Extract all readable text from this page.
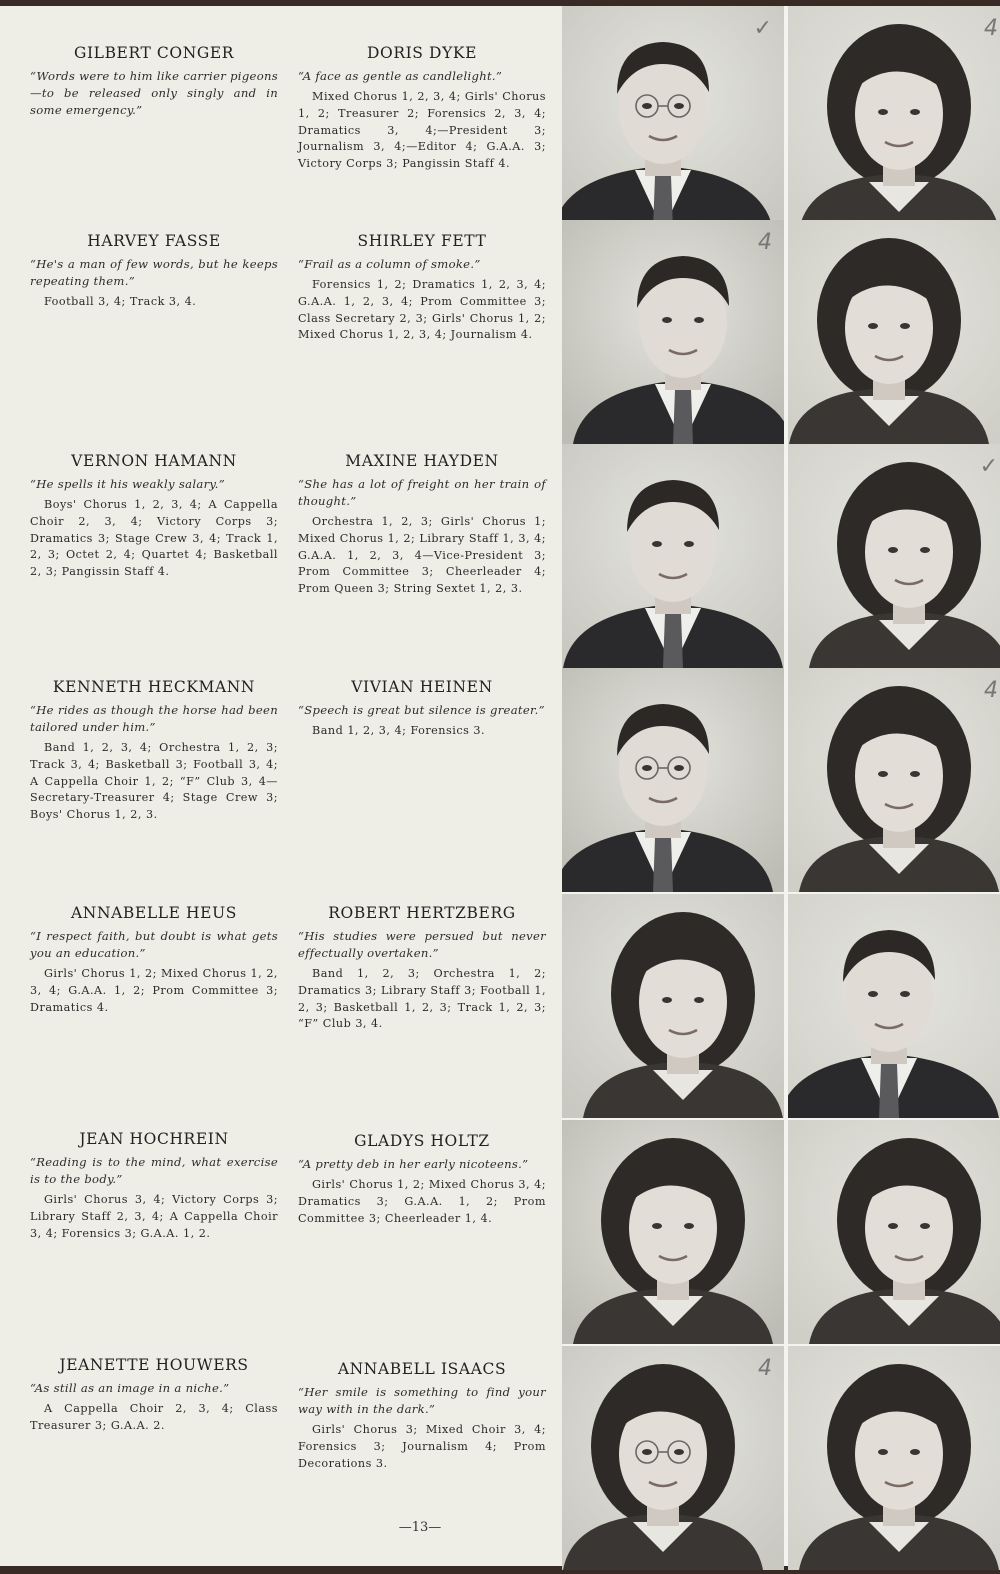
GILBERT CONGER

“Words were to him like carrier pigeons—to be released only singly and in some emergency.”

DORIS DYKE

“A face as gentle as candlelight.”

Mixed Chorus 1, 2, 3, 4; Girls' Chorus 1, 2; Treasurer 2; Forensics 2, 3, 4; Dramatics 3, 4;—President 3; Journalism 3, 4;—Editor 4; G.A.A. 3; Victory Corps 3; Pangissin Staff 4.

HARVEY FASSE

“He's a man of few words, but he keeps repeating them.”

Football 3, 4; Track 3, 4.

SHIRLEY FETT

“Frail as a column of smoke.”

Forensics 1, 2; Dramatics 1, 2, 3, 4; G.A.A. 1, 2, 3, 4; Prom Committee 3; Class Secretary 2, 3; Girls' Chorus 1, 2; Mixed Chorus 1, 2, 3, 4; Journalism 4.

VERNON HAMANN

“He spells it his weakly salary.”

Boys' Chorus 1, 2, 3, 4; A Cappella Choir 2, 3, 4; Victory Corps 3; Dramatics 3; Stage Crew 3, 4; Track 1, 2, 3; Octet 2, 4; Quartet 4; Basketball 2, 3; Pangissin Staff 4.

MAXINE HAYDEN

“She has a lot of freight on her train of thought.”

Orchestra 1, 2, 3; Girls' Chorus 1; Mixed Chorus 1, 2; Library Staff 1, 3, 4; G.A.A. 1, 2, 3, 4—Vice-President 3; Prom Committee 3; Cheerleader 4; Prom Queen 3; String Sextet 1, 2, 3.

KENNETH HECKMANN

“He rides as though the horse had been tailored under him.”

Band 1, 2, 3, 4; Orchestra 1, 2, 3; Track 3, 4; Basketball 3; Football 3, 4; A Cappella Choir 1, 2; “F” Club 3, 4—Secretary-Treasurer 4; Stage Crew 3; Boys' Chorus 1, 2, 3.

VIVIAN HEINEN

“Speech is great but silence is greater.”

Band 1, 2, 3, 4; Forensics 3.

ANNABELLE HEUS

“I respect faith, but doubt is what gets you an education.”

Girls' Chorus 1, 2; Mixed Chorus 1, 2, 3, 4; G.A.A. 1, 2; Prom Committee 3; Dramatics 4.

ROBERT HERTZBERG

“His studies were persued but never effectually overtaken.”

Band 1, 2, 3; Orchestra 1, 2; Dramatics 3; Library Staff 3; Football 1, 2, 3; Basketball 1, 2, 3; Track 1, 2, 3; “F” Club 3, 4.

JEAN HOCHREIN

“Reading is to the mind, what exercise is to the body.”

Girls' Chorus 3, 4; Victory Corps 3; Library Staff 2, 3, 4; A Cappella Choir 3, 4; Forensics 3; G.A.A. 1, 2.

GLADYS HOLTZ

“A pretty deb in her early nicoteens.”

Girls' Chorus 1, 2; Mixed Chorus 3, 4; Dramatics 3; G.A.A. 1, 2; Prom Committee 3; Cheerleader 1, 4.

JEANETTE HOUWERS

“As still as an image in a niche.”

A Cappella Choir 2, 3, 4; Class Treasurer 3; G.A.A. 2.

ANNABELL ISAACS

“Her smile is something to find your way with in the dark.”

Girls' Chorus 3; Mixed Choir 3, 4; Forensics 3; Journalism 4; Prom Decorations 3.

—13—
✓	4
4
✓
4
4
